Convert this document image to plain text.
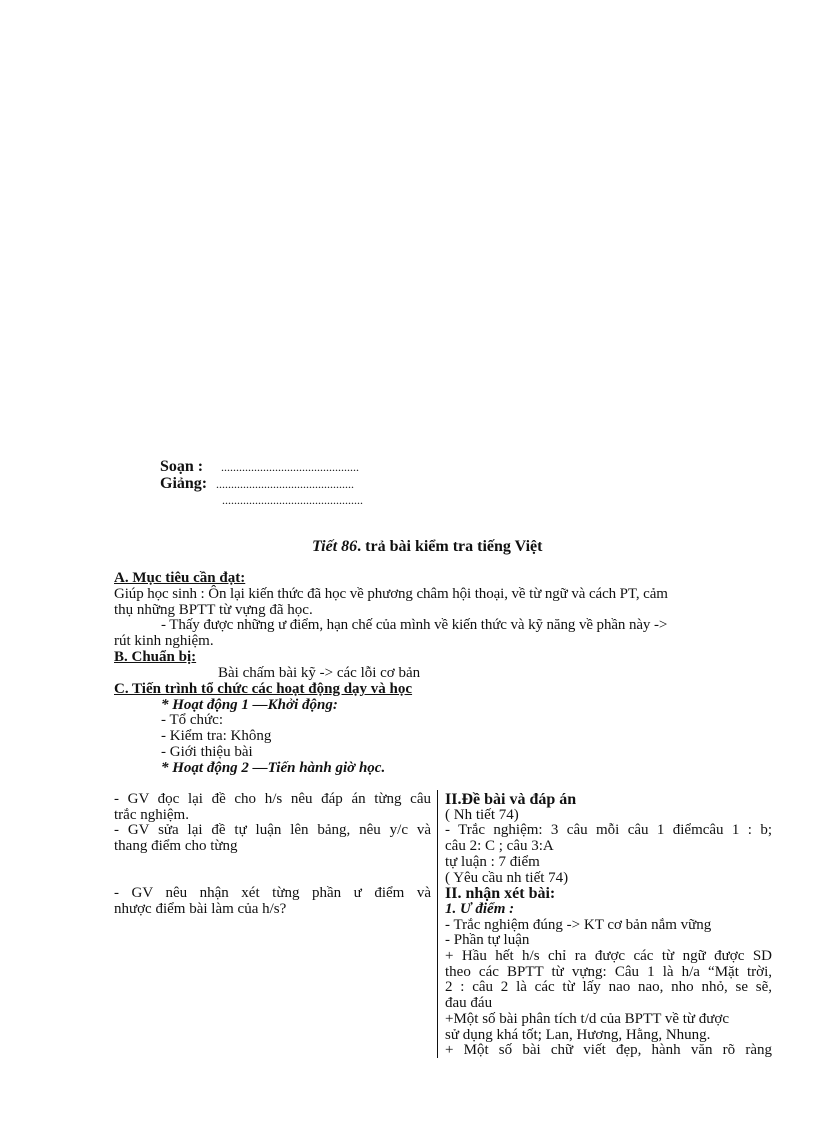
Soạn : ..............................................
Giảng: ..............................................
...............................................
Tiết 86. trả bài kiểm tra tiếng Việt
A. Mục tiêu cần đạt:
Giúp học sinh : Ôn lại kiến thức đã học về phương châm hội thoại, về từ ngữ và cách PT, cảm
thụ những BPTT từ vựng đã học.
- Thấy được những ư điểm, hạn chế của mình về kiến thức và kỹ năng về phần này ->
rút kinh nghiệm.
B. Chuẩn bị:
Bài chấm bài kỹ -> các lỗi cơ bản
C. Tiến trình tổ chức các hoạt động dạy và học
* Hoạt động 1 —Khởi động:
- Tổ chức:
- Kiểm tra: Không
- Giới thiệu bài
* Hoạt động 2 —Tiến hành giờ học.
- GV đọc lại đề cho h/s nêu đáp án từng câu
trắc nghiệm.
- GV sửa lại đề tự luận lên bảng, nêu y/c và
thang điểm cho từng
- GV nêu nhận xét từng phần ư điểm và
nhược điểm bài làm của h/s?
II.Đề bài và đáp án
( Nh tiết 74)
- Trắc nghiệm: 3 câu mỗi câu 1 điểmcâu 1 : b;
câu 2: C ; câu 3:A
tự luận : 7 điểm
( Yêu cầu nh tiết 74)
II. nhận xét bài:
1. Ư điểm :
- Trắc nghiệm đúng -> KT cơ bản nắm vững
- Phần tự luận
+ Hầu hết h/s chỉ ra được các từ ngữ được SD
theo các BPTT từ vựng: Câu 1 là h/a “Mặt trời,
2 : câu 2 là các từ lấy nao nao, nho nhỏ, se sẽ,
đau đáu
+Một số bài phân tích t/d của BPTT về từ được
sử dụng khá tốt; Lan, Hương, Hằng, Nhung.
+ Một số bài chữ viết đẹp, hành văn rõ ràng
